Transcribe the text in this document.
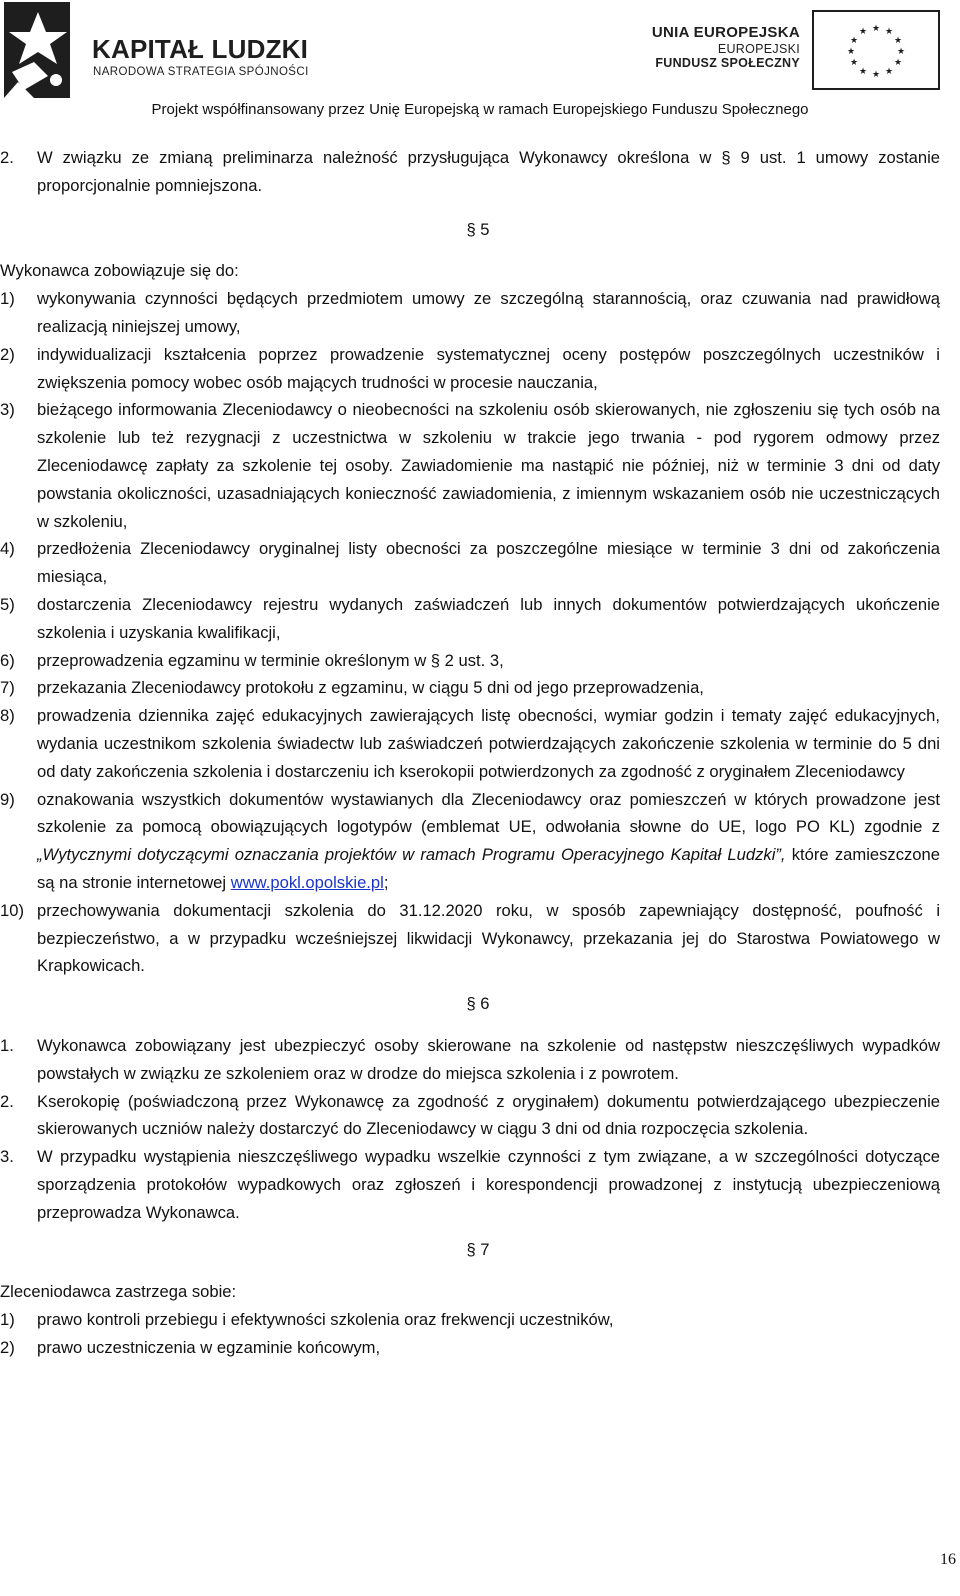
KAPITAŁ LUDZKI
NARODOWA STRATEGIA SPÓJNOŚCI
UNIA EUROPEJSKA
EUROPEJSKI
FUNDUSZ SPOŁECZNY
★ ★
★
★
★
★
★
★
★
★
★
★
Projekt współfinansowany przez Unię Europejską w ramach Europejskiego Funduszu Społecznego
2.	W związku ze zmianą preliminarza należność przysługująca Wykonawcy określona w § 9 ust. 1 umowy zostanie proporcjonalnie pomniejszona.
§ 5
Wykonawca zobowiązuje się do:
1)	wykonywania czynności będących przedmiotem umowy ze szczególną starannością, oraz czuwania nad prawidłową realizacją niniejszej umowy,
2)	indywidualizacji kształcenia poprzez prowadzenie systematycznej oceny postępów poszczególnych uczestników i zwiększenia pomocy wobec osób mających trudności w procesie nauczania,
3)	bieżącego informowania Zleceniodawcy o nieobecności na szkoleniu osób skierowanych, nie zgłoszeniu się tych osób na szkolenie lub też rezygnacji z uczestnictwa w szkoleniu w trakcie jego trwania - pod rygorem odmowy przez Zleceniodawcę zapłaty za szkolenie tej osoby. Zawiadomienie ma nastąpić nie później, niż w terminie 3 dni od daty powstania okoliczności, uzasadniających konieczność zawiadomienia, z imiennym wskazaniem osób nie uczestniczących w szkoleniu,
4)	przedłożenia Zleceniodawcy oryginalnej listy obecności za poszczególne miesiące w terminie 3 dni od zakończenia miesiąca,
5)	dostarczenia Zleceniodawcy rejestru wydanych zaświadczeń lub innych dokumentów potwierdzających ukończenie szkolenia i uzyskania kwalifikacji,
6)	przeprowadzenia egzaminu w terminie określonym w § 2 ust. 3,
7)	przekazania Zleceniodawcy protokołu z egzaminu, w ciągu 5 dni od jego przeprowadzenia,
8)	prowadzenia dziennika zajęć edukacyjnych zawierających listę obecności, wymiar godzin i tematy zajęć edukacyjnych, wydania uczestnikom szkolenia świadectw lub zaświadczeń potwierdzających zakończenie szkolenia w terminie do 5 dni od daty zakończenia szkolenia i dostarczeniu ich kserokopii potwierdzonych za zgodność z oryginałem Zleceniodawcy
9)	oznakowania wszystkich dokumentów wystawianych dla Zleceniodawcy oraz pomieszczeń w których prowadzone jest szkolenie za pomocą obowiązujących logotypów (emblemat UE, odwołania słowne do UE, logo PO KL) zgodnie z „Wytycznymi dotyczącymi oznaczania projektów w ramach Programu Operacyjnego Kapitał Ludzki”, które zamieszczone są na stronie internetowej www.pokl.opolskie.pl;
10) przechowywania dokumentacji szkolenia do 31.12.2020 roku, w sposób zapewniający dostępność, poufność i bezpieczeństwo, a w przypadku wcześniejszej likwidacji Wykonawcy, przekazania jej do Starostwa Powiatowego w Krapkowicach.
§ 6
1.	Wykonawca zobowiązany jest ubezpieczyć osoby skierowane na szkolenie od następstw nieszczęśliwych wypadków powstałych w związku ze szkoleniem oraz w drodze do miejsca szkolenia i z powrotem.
2.	Kserokopię (poświadczoną przez Wykonawcę za zgodność z oryginałem) dokumentu potwierdzającego ubezpieczenie skierowanych uczniów należy dostarczyć do Zleceniodawcy w ciągu 3 dni od dnia rozpoczęcia szkolenia.
3.	W przypadku wystąpienia nieszczęśliwego wypadku wszelkie czynności z tym związane, a w szczególności dotyczące sporządzenia protokołów wypadkowych oraz zgłoszeń i korespondencji prowadzonej z instytucją ubezpieczeniową przeprowadza Wykonawca.
§ 7
Zleceniodawca zastrzega sobie:
1)	prawo kontroli przebiegu i efektywności szkolenia oraz frekwencji uczestników,
2)	prawo uczestniczenia w egzaminie końcowym,
16
